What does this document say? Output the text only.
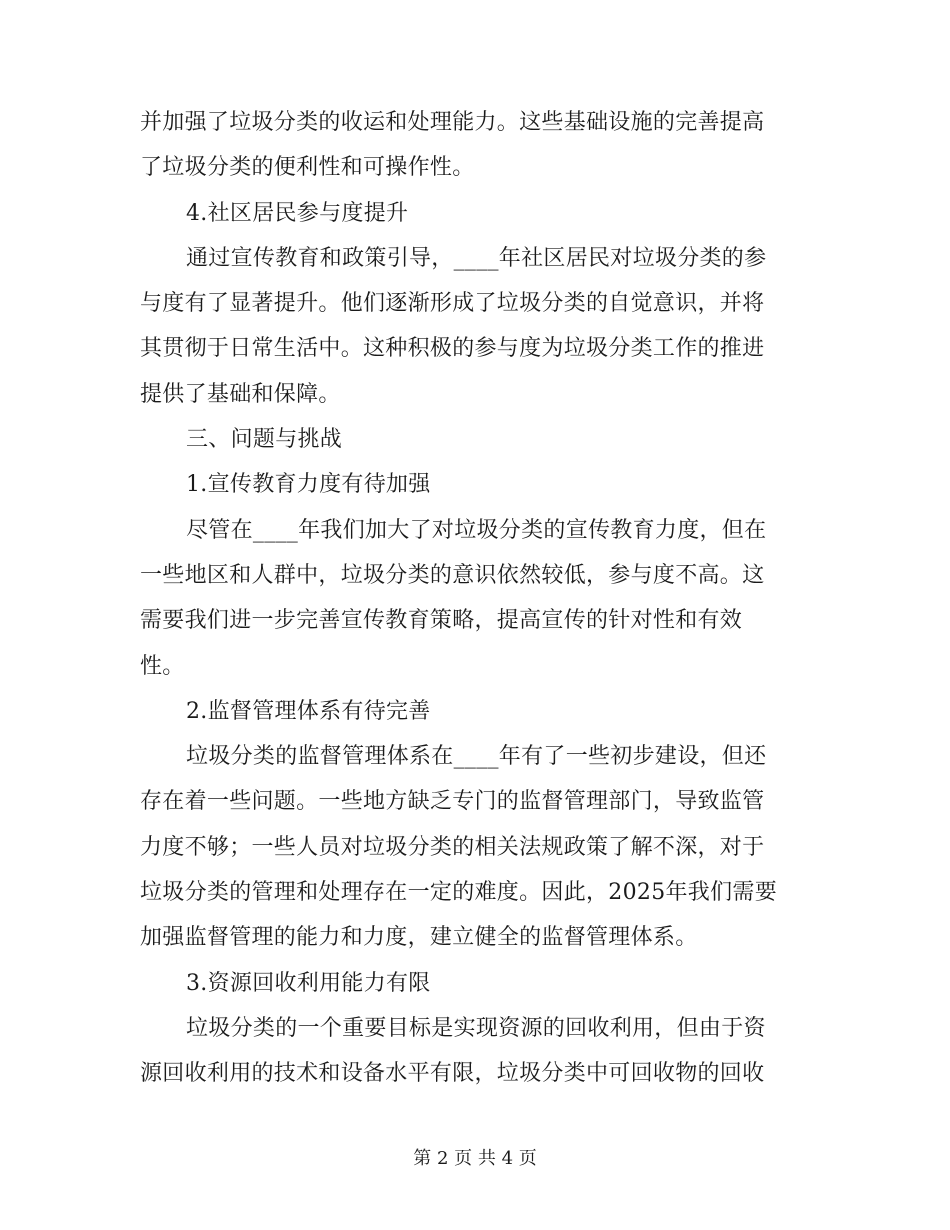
并加强了垃圾分类的收运和处理能力。这些基础设施的完善提高
了垃圾分类的便利性和可操作性。
4.社区居民参与度提升
通过宣传教育和政策引导，____年社区居民对垃圾分类的参
与度有了显著提升。他们逐渐形成了垃圾分类的自觉意识，并将
其贯彻于日常生活中。这种积极的参与度为垃圾分类工作的推进
提供了基础和保障。
三、问题与挑战
1.宣传教育力度有待加强
尽管在____年我们加大了对垃圾分类的宣传教育力度，但在
一些地区和人群中，垃圾分类的意识依然较低，参与度不高。这
需要我们进一步完善宣传教育策略，提高宣传的针对性和有效
性。
2.监督管理体系有待完善
垃圾分类的监督管理体系在____年有了一些初步建设，但还
存在着一些问题。一些地方缺乏专门的监督管理部门，导致监管
力度不够；一些人员对垃圾分类的相关法规政策了解不深，对于
垃圾分类的管理和处理存在一定的难度。因此，2025年我们需要
加强监督管理的能力和力度，建立健全的监督管理体系。
3.资源回收利用能力有限
垃圾分类的一个重要目标是实现资源的回收利用，但由于资
源回收利用的技术和设备水平有限，垃圾分类中可回收物的回收
第 2 页 共 4 页
